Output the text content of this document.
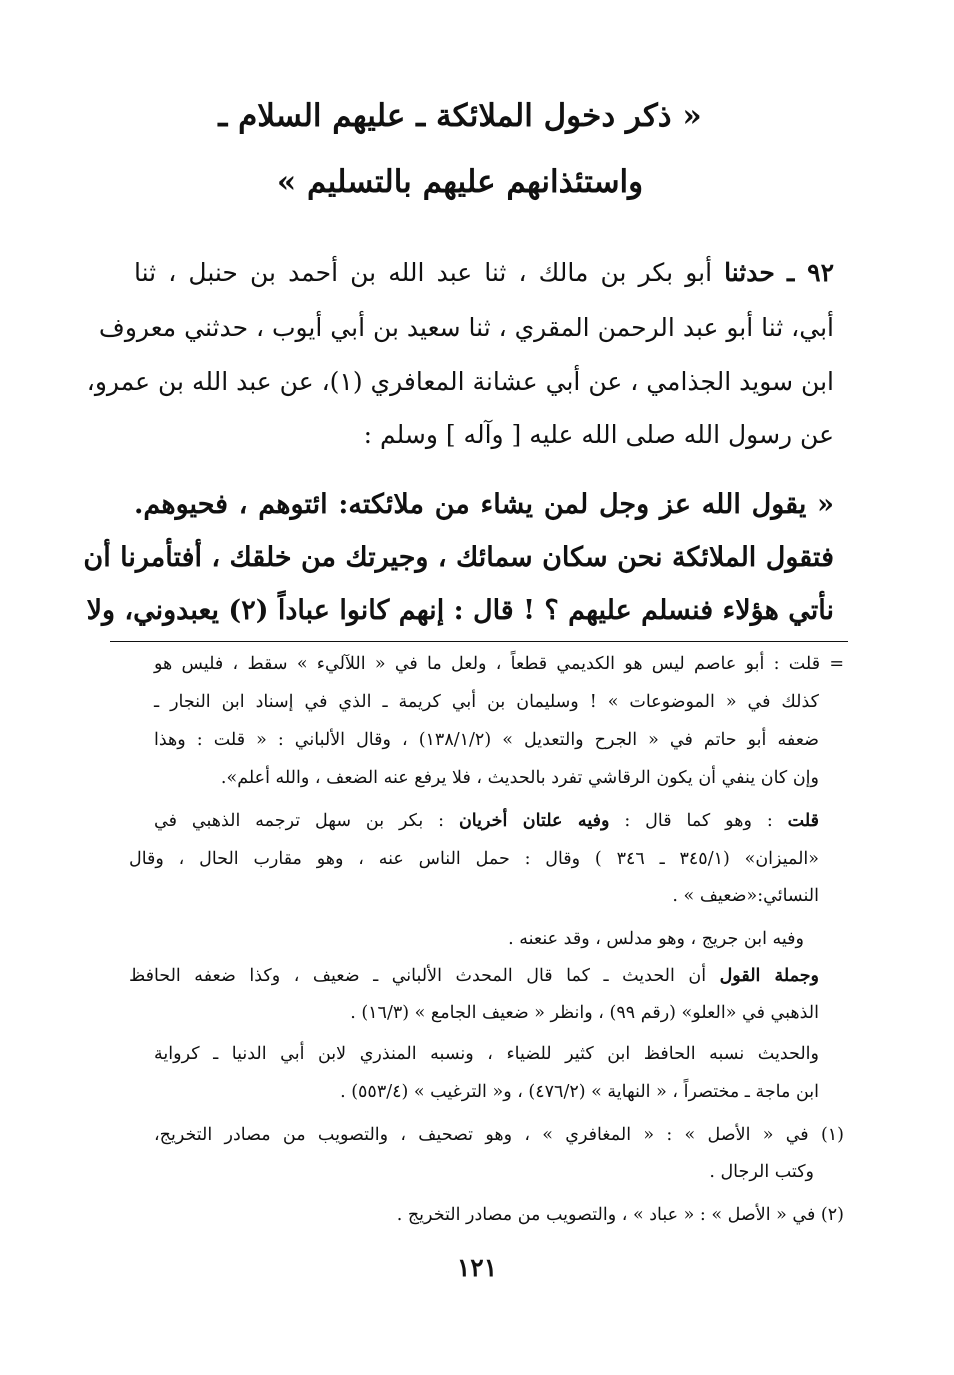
« ذكر دخول الملائكة ـ عليهم السلام ـ
واستئذانهم عليهم بالتسليم »
٩٢ ـ حدثنا أبو بكر بن مالك ، ثنا عبد الله بن أحمد بن حنبل ، ثنا
أبي، ثنا أبو عبد الرحمن المقري ، ثنا سعيد بن أبي أيوب ، حدثني معروف
ابن سويد الجذامي ، عن أبي عشانة المعافري (١)، عن عبد الله بن عمرو،
عن رسول الله صلى الله عليه [ وآله ] وسلم :
« يقول الله عز وجل لمن يشاء من ملائكته: ائتوهم ، فحيوهم.
فتقول الملائكة نحن سكان سمائك ، وجيرتك من خلقك ، أفتأمرنا أن
نأتي هؤلاء فنسلم عليهم ؟ ! قال : إنهم كانوا عباداً (٢) يعبدوني، ولا
= قلت : أبو عاصم ليس هو الكديمي قطعاً ، ولعل ما في « اللآليء » سقط ، فليس هو
كذلك في « الموضوعات » ! وسليمان بن أبي كريمة ـ الذي في إسناد ابن النجار ـ
ضعفه أبو حاتم في « الجرح والتعديل » (١٣٨/١/٢) ، وقال الألباني : « قلت : وهذا
وإن كان ينفي أن يكون الرقاشي تفرد بالحديث ، فلا يرفع عنه الضعف ، والله أعلم».
قلت : وهو كما قال : وفيه علتان أخريان : بكر بن سهل ترجمه الذهبي في
«الميزان» (٣٤٥/١ ـ ٣٤٦ ) وقال : حمل الناس عنه ، وهو مقارب الحال ، وقال
النسائي:«ضعيف » .
وفيه ابن جريج ، وهو مدلس ، وقد عنعنه .
وجملة القول أن الحديث ـ كما قال المحدث الألباني ـ ضعيف ، وكذا ضعفه الحافظ
الذهبي في «العلو» (رقم ٩٩) ، وانظر « ضعيف الجامع » (١٦/٣) .
والحديث نسبه الحافظ ابن كثير للضياء ، ونسبه المنذري لابن أبي الدنيا ـ كرواية
ابن ماجة ـ مختصراً ، « النهاية » (٤٧٦/٢) ، و« الترغيب » (٥٥٣/٤) .
(١) في « الأصل » : « المغافري » ، وهو تصحيف ، والتصويب من مصادر التخريج،
وكتب الرجال .
(٢) في « الأصل » : « عباد » ، والتصويب من مصادر التخريج .
١٢١
